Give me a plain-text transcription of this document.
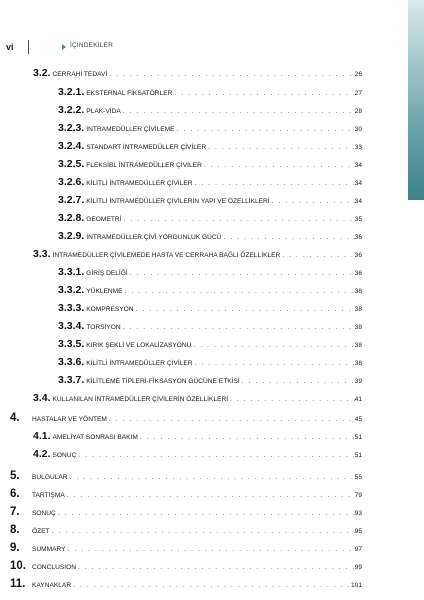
vi	İÇİNDEKİLER
3.2. CERRAHİ TEDAVİ . . .	26
3.2.1. EKSTERNAL FİKSATÖRLER . . .	27
3.2.2. PLAK-VİDA . . .	28
3.2.3. İNTRAMEDÜLLER ÇİVİLEME . . .	30
3.2.4. STANDART İNTRAMEDÜLLER ÇİVİLER . . .	33
3.2.5. FLEKSİBL İNTRAMEDÜLLER ÇİVİLER . . .	34
3.2.6. KİLİTLİ İNTRAMEDÜLLER ÇİVİLER . . .	34
3.2.7. KİLİTLİ İNTRAMEDÜLLER ÇİVİLERİN YAPI VE ÖZELLİKLERİ . . .	34
3.2.8. GEOMETRİ . . .	35
3.2.9. İNTRAMEDÜLLER ÇİVİ YORGUNLUK GÜCÜ . . .	36
3.3. İNTRAMEDÜLLER ÇİVİLEMEDE HASTA VE CERRAHA BAĞLI ÖZELLİKLER . . .	36
3.3.1. GİRİŞ DELİĞİ . . .	36
3.3.2. YÜKLENME . . .	38
3.3.3. KOMPRESYON . . .	38
3.3.4. TORSİYON . . .	38
3.3.5. KIRIK ŞEKLİ VE LOKALİZASYONU . . .	38
3.3.6. KİLİTLİ İNTRAMEDÜLLER ÇİVİLER . . .	38
3.3.7. KİLİTLEME TİPLERİ-FİKSASYON GÜCÜNE ETKİSİ . . .	39
3.4. KULLANILAN İNTRAMEDÜLLER ÇİVİLERİN ÖZELLİKLERİ . . .	41
4.	HASTALAR VE YÖNTEM . . .	45
4.1. AMELİYAT SONRASI BAKIM . . .	51
4.2. SONUÇ . . .	51
5.	BULGULAR . . .	55
6.	TARTIŞMA . . .	79
7.	SONUÇ . . .	93
8.	ÖZET . . .	95
9.	SUMMARY . . .	97
10. CONCLUSION . . .	99
11.	KAYNAKLAR . . .	101
